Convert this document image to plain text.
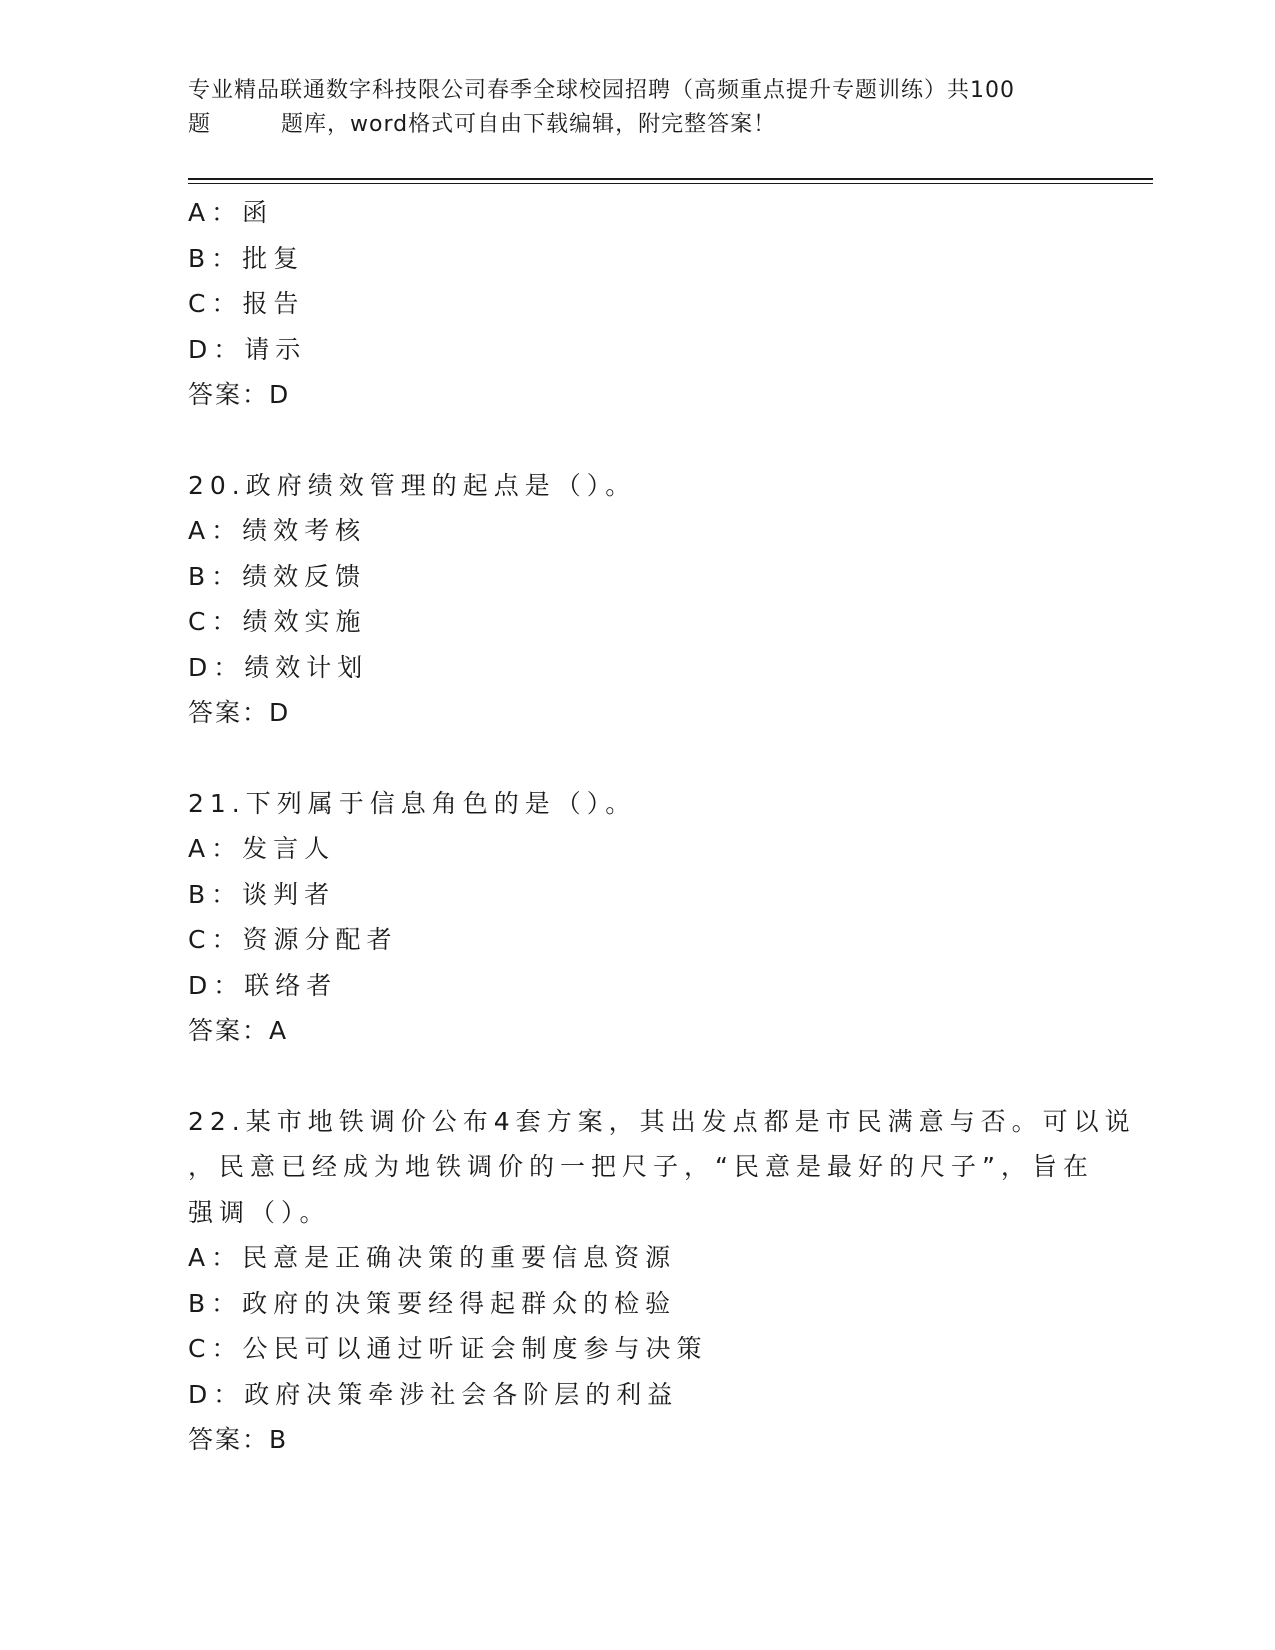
专业精品联通数字科技限公司春季全球校园招聘（高频重点提升专题训练）共100
题	题库，word格式可自由下载编辑，附完整答案！
A：函
B：批复
C：报告
D：请示
答案：D
20.政府绩效管理的起点是（）。
A：绩效考核
B：绩效反馈
C：绩效实施
D：绩效计划
答案：D
21.下列属于信息角色的是（）。
A：发言人
B：谈判者
C：资源分配者
D：联络者
答案：A
22.某市地铁调价公布4套方案，其出发点都是市民满意与否。可以说
，民意已经成为地铁调价的一把尺子，“民意是最好的尺子”，旨在
强调（）。
A：民意是正确决策的重要信息资源
B：政府的决策要经得起群众的检验
C：公民可以通过听证会制度参与决策
D：政府决策牵涉社会各阶层的利益
答案：B
